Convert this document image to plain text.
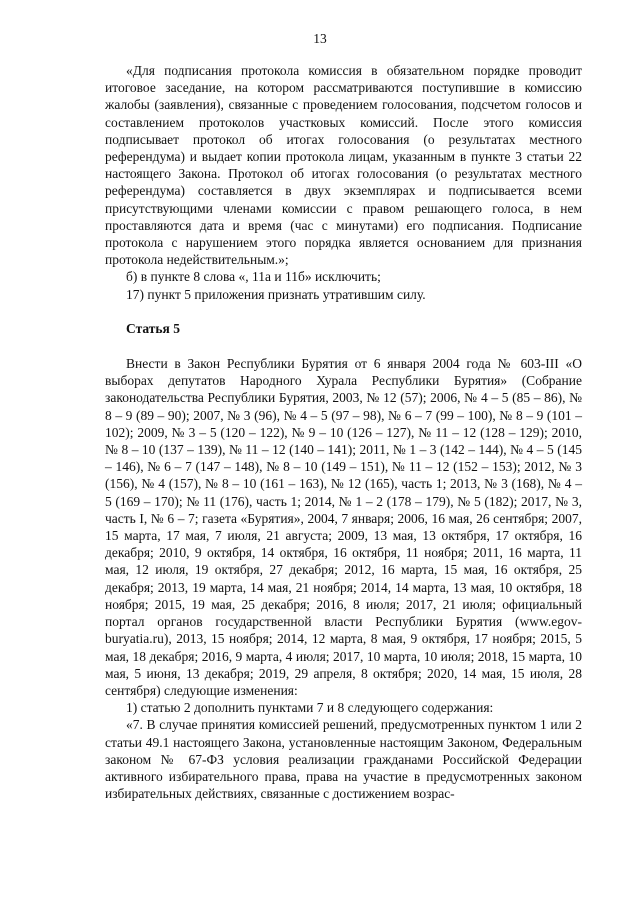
13

«Для подписания протокола комиссия в обязательном порядке проводит итоговое заседание, на котором рассматриваются поступившие в комиссию жалобы (заявления), связанные с проведением голосования, подсчетом голосов и составлением протоколов участковых комиссий. После этого комиссия подписывает протокол об итогах голосования (о результатах местного референдума) и выдает копии протокола лицам, указанным в пункте 3 статьи 22 настоящего Закона. Протокол об итогах голосования (о результатах местного референдума) составляется в двух экземплярах и подписывается всеми присутствующими членами комиссии с правом решающего голоса, в нем проставляются дата и время (час с минутами) его подписания. Подписание протокола с нарушением этого порядка является основанием для признания протокола недействительным.»;

б) в пункте 8 слова «, 11а и 11б» исключить;

17) пункт 5 приложения признать утратившим силу.

Статья 5

Внести в Закон Республики Бурятия от 6 января 2004 года № 603-III «О выборах депутатов Народного Хурала Республики Бурятия» (Собрание законодательства Республики Бурятия, 2003, № 12 (57); 2006, № 4 – 5 (85 – 86), № 8 – 9 (89 – 90); 2007, № 3 (96), № 4 – 5 (97 – 98), № 6 – 7 (99 – 100), № 8 – 9 (101 – 102); 2009, № 3 – 5 (120 – 122), № 9 – 10 (126 – 127), № 11 – 12 (128 – 129); 2010, № 8 – 10 (137 – 139), № 11 – 12 (140 – 141); 2011, № 1 – 3 (142 – 144), № 4 – 5 (145 – 146), № 6 – 7 (147 – 148), № 8 – 10 (149 – 151), № 11 – 12 (152 – 153); 2012, № 3 (156), № 4 (157), № 8 – 10 (161 – 163), № 12 (165), часть 1; 2013, № 3 (168), № 4 – 5 (169 – 170); № 11 (176), часть 1; 2014, № 1 – 2 (178 – 179), № 5 (182); 2017, № 3, часть I, № 6 – 7; газета «Бурятия», 2004, 7 января; 2006, 16 мая, 26 сентября; 2007, 15 марта, 17 мая, 7 июля, 21 августа; 2009, 13 мая, 13 октября, 17 октября, 16 декабря; 2010, 9 октября, 14 октября, 16 октября, 11 ноября; 2011, 16 марта, 11 мая, 12 июля, 19 октября, 27 декабря; 2012, 16 марта, 15 мая, 16 октября, 25 декабря; 2013, 19 марта, 14 мая, 21 ноября; 2014, 14 марта, 13 мая, 10 октября, 18 ноября; 2015, 19 мая, 25 декабря; 2016, 8 июля; 2017, 21 июля; официальный портал органов государственной власти Республики Бурятия (www.egov-buryatia.ru), 2013, 15 ноября; 2014, 12 марта, 8 мая, 9 октября, 17 ноября; 2015, 5 мая, 18 декабря; 2016, 9 марта, 4 июля; 2017, 10 марта, 10 июля; 2018, 15 марта, 10 мая, 5 июня, 13 декабря; 2019, 29 апреля, 8 октября; 2020, 14 мая, 15 июля, 28 сентября) следующие изменения:

1) статью 2 дополнить пунктами 7 и 8 следующего содержания:

«7. В случае принятия комиссией решений, предусмотренных пунктом 1 или 2 статьи 49.1 настоящего Закона, установленные настоящим Законом, Федеральным законом № 67-ФЗ условия реализации гражданами Российской Федерации активного избирательного права, права на участие в предусмотренных законом избирательных действиях, связанные с достижением возрас-
